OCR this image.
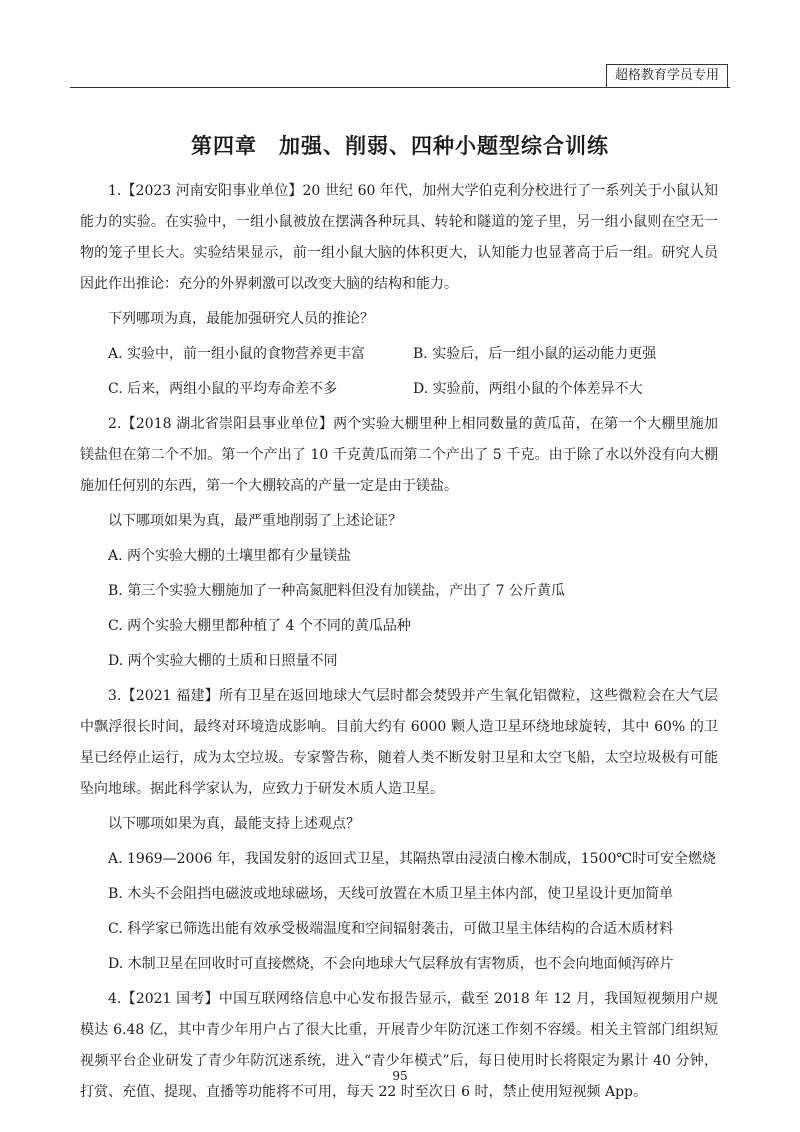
超格教育学员专用
第四章　加强、削弱、四种小题型综合训练

1.【2023 河南安阳事业单位】20 世纪 60 年代，加州大学伯克利分校进行了一系列关于小鼠认知能力的实验。在实验中，一组小鼠被放在摆满各种玩具、转轮和隧道的笼子里，另一组小鼠则在空无一物的笼子里长大。实验结果显示，前一组小鼠大脑的体积更大，认知能力也显著高于后一组。研究人员因此作出推论：充分的外界刺激可以改变大脑的结构和能力。

下列哪项为真，最能加强研究人员的推论？

A. 实验中，前一组小鼠的食物营养更丰富	B. 实验后，后一组小鼠的运动能力更强
C. 后来，两组小鼠的平均寿命差不多	D. 实验前，两组小鼠的个体差异不大

2.【2018 湖北省崇阳县事业单位】两个实验大棚里种上相同数量的黄瓜苗，在第一个大棚里施加镁盐但在第二个不加。第一个产出了 10 千克黄瓜而第二个产出了 5 千克。由于除了水以外没有向大棚施加任何别的东西，第一个大棚较高的产量一定是由于镁盐。

以下哪项如果为真，最严重地削弱了上述论证？

A. 两个实验大棚的土壤里都有少量镁盐

B. 第三个实验大棚施加了一种高氮肥料但没有加镁盐，产出了 7 公斤黄瓜

C. 两个实验大棚里都种植了 4 个不同的黄瓜品种

D. 两个实验大棚的土质和日照量不同

3.【2021 福建】所有卫星在返回地球大气层时都会焚毁并产生氧化铝微粒，这些微粒会在大气层中飘浮很长时间，最终对环境造成影响。目前大约有 6000 颗人造卫星环绕地球旋转，其中 60% 的卫星已经停止运行，成为太空垃圾。专家警告称，随着人类不断发射卫星和太空飞船，太空垃圾极有可能坠向地球。据此科学家认为，应致力于研发木质人造卫星。

以下哪项如果为真，最能支持上述观点？

A. 1969—2006 年，我国发射的返回式卫星，其隔热罩由浸渍白橡木制成，1500℃时可安全燃烧

B. 木头不会阻挡电磁波或地球磁场，天线可放置在木质卫星主体内部，使卫星设计更加简单

C. 科学家已筛选出能有效承受极端温度和空间辐射袭击，可做卫星主体结构的合适木质材料

D. 木制卫星在回收时可直接燃烧，不会向地球大气层释放有害物质，也不会向地面倾泻碎片

4.【2021 国考】中国互联网络信息中心发布报告显示，截至 2018 年 12 月，我国短视频用户规模达 6.48 亿，其中青少年用户占了很大比重，开展青少年防沉迷工作刻不容缓。相关主管部门组织短视频平台企业研发了青少年防沉迷系统，进入“青少年模式”后，每日使用时长将限定为累计 40 分钟，打赏、充值、提现、直播等功能将不可用，每天 22 时至次日 6 时，禁止使用短视频 App。

95
